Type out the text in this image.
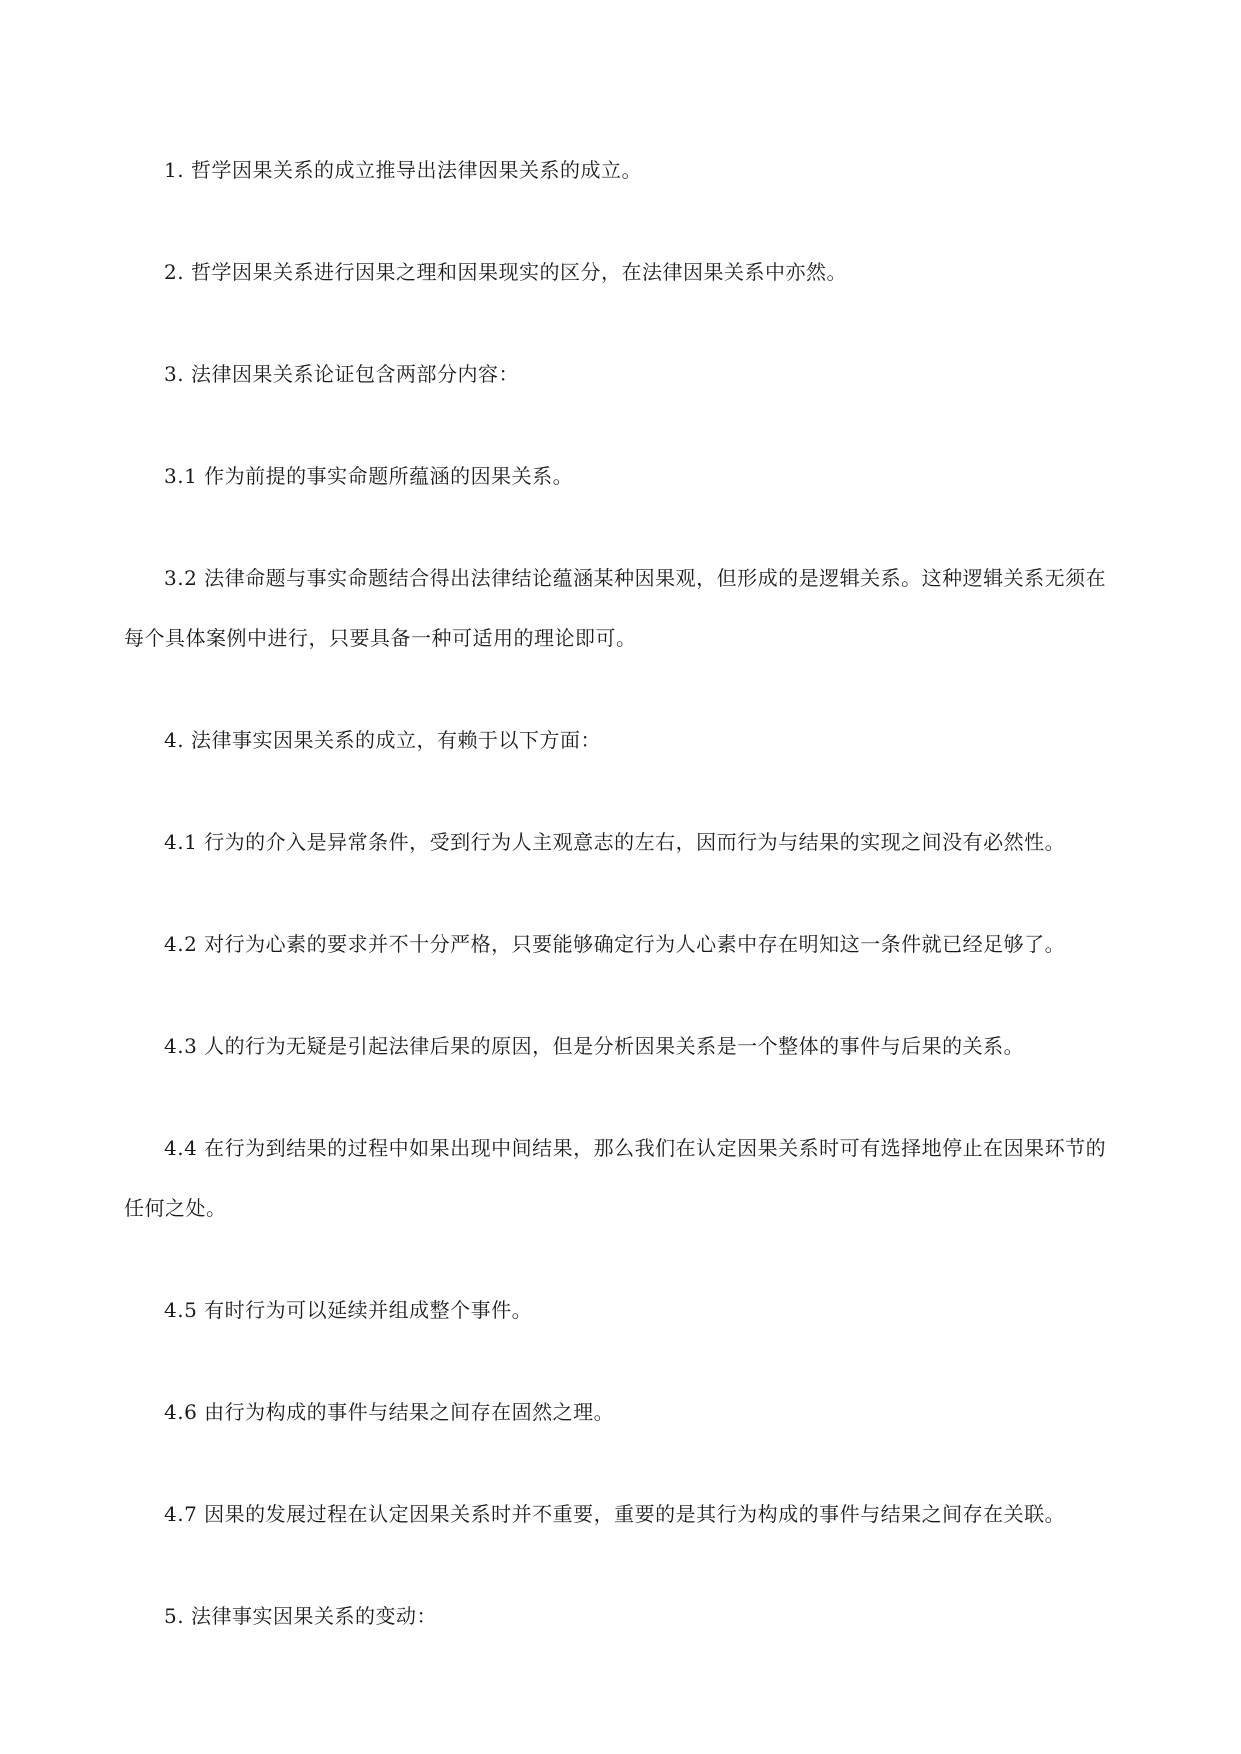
1. 哲学因果关系的成立推导出法律因果关系的成立。

2. 哲学因果关系进行因果之理和因果现实的区分，在法律因果关系中亦然。

3. 法律因果关系论证包含两部分内容：

3.1 作为前提的事实命题所蕴涵的因果关系。

3.2 法律命题与事实命题结合得出法律结论蕴涵某种因果观，但形成的是逻辑关系。这种逻辑关系无须在每个具体案例中进行，只要具备一种可适用的理论即可。

4. 法律事实因果关系的成立，有赖于以下方面：

4.1 行为的介入是异常条件，受到行为人主观意志的左右，因而行为与结果的实现之间没有必然性。

4.2 对行为心素的要求并不十分严格，只要能够确定行为人心素中存在明知这一条件就已经足够了。

4.3 人的行为无疑是引起法律后果的原因，但是分析因果关系是一个整体的事件与后果的关系。

4.4 在行为到结果的过程中如果出现中间结果，那么我们在认定因果关系时可有选择地停止在因果环节的任何之处。

4.5 有时行为可以延续并组成整个事件。

4.6 由行为构成的事件与结果之间存在固然之理。

4.7 因果的发展过程在认定因果关系时并不重要，重要的是其行为构成的事件与结果之间存在关联。

5. 法律事实因果关系的变动：
